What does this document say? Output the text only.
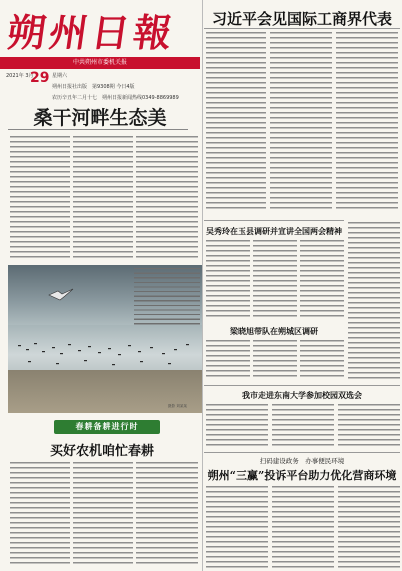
朔州日報
中共朔州市委机关报
2021年 3月
29 星期六
朔州日报社出版　第9308期 今日4版
农历辛丑年二月十七　朔州日报新闻热线0349-8869989
习近平会见国际工商界代表
桑干河畔生态美
摄影 刘某某
春耕备耕进行时
买好农机咱忙春耕
吴秀玲在玉县调研并宣讲全国两会精神
梁晓旭带队在朔城区调研
我市走进东南大学参加校园双选会
扫码建设政务　办事便民环境
朔州“三赢”投诉平台助力优化营商环境
